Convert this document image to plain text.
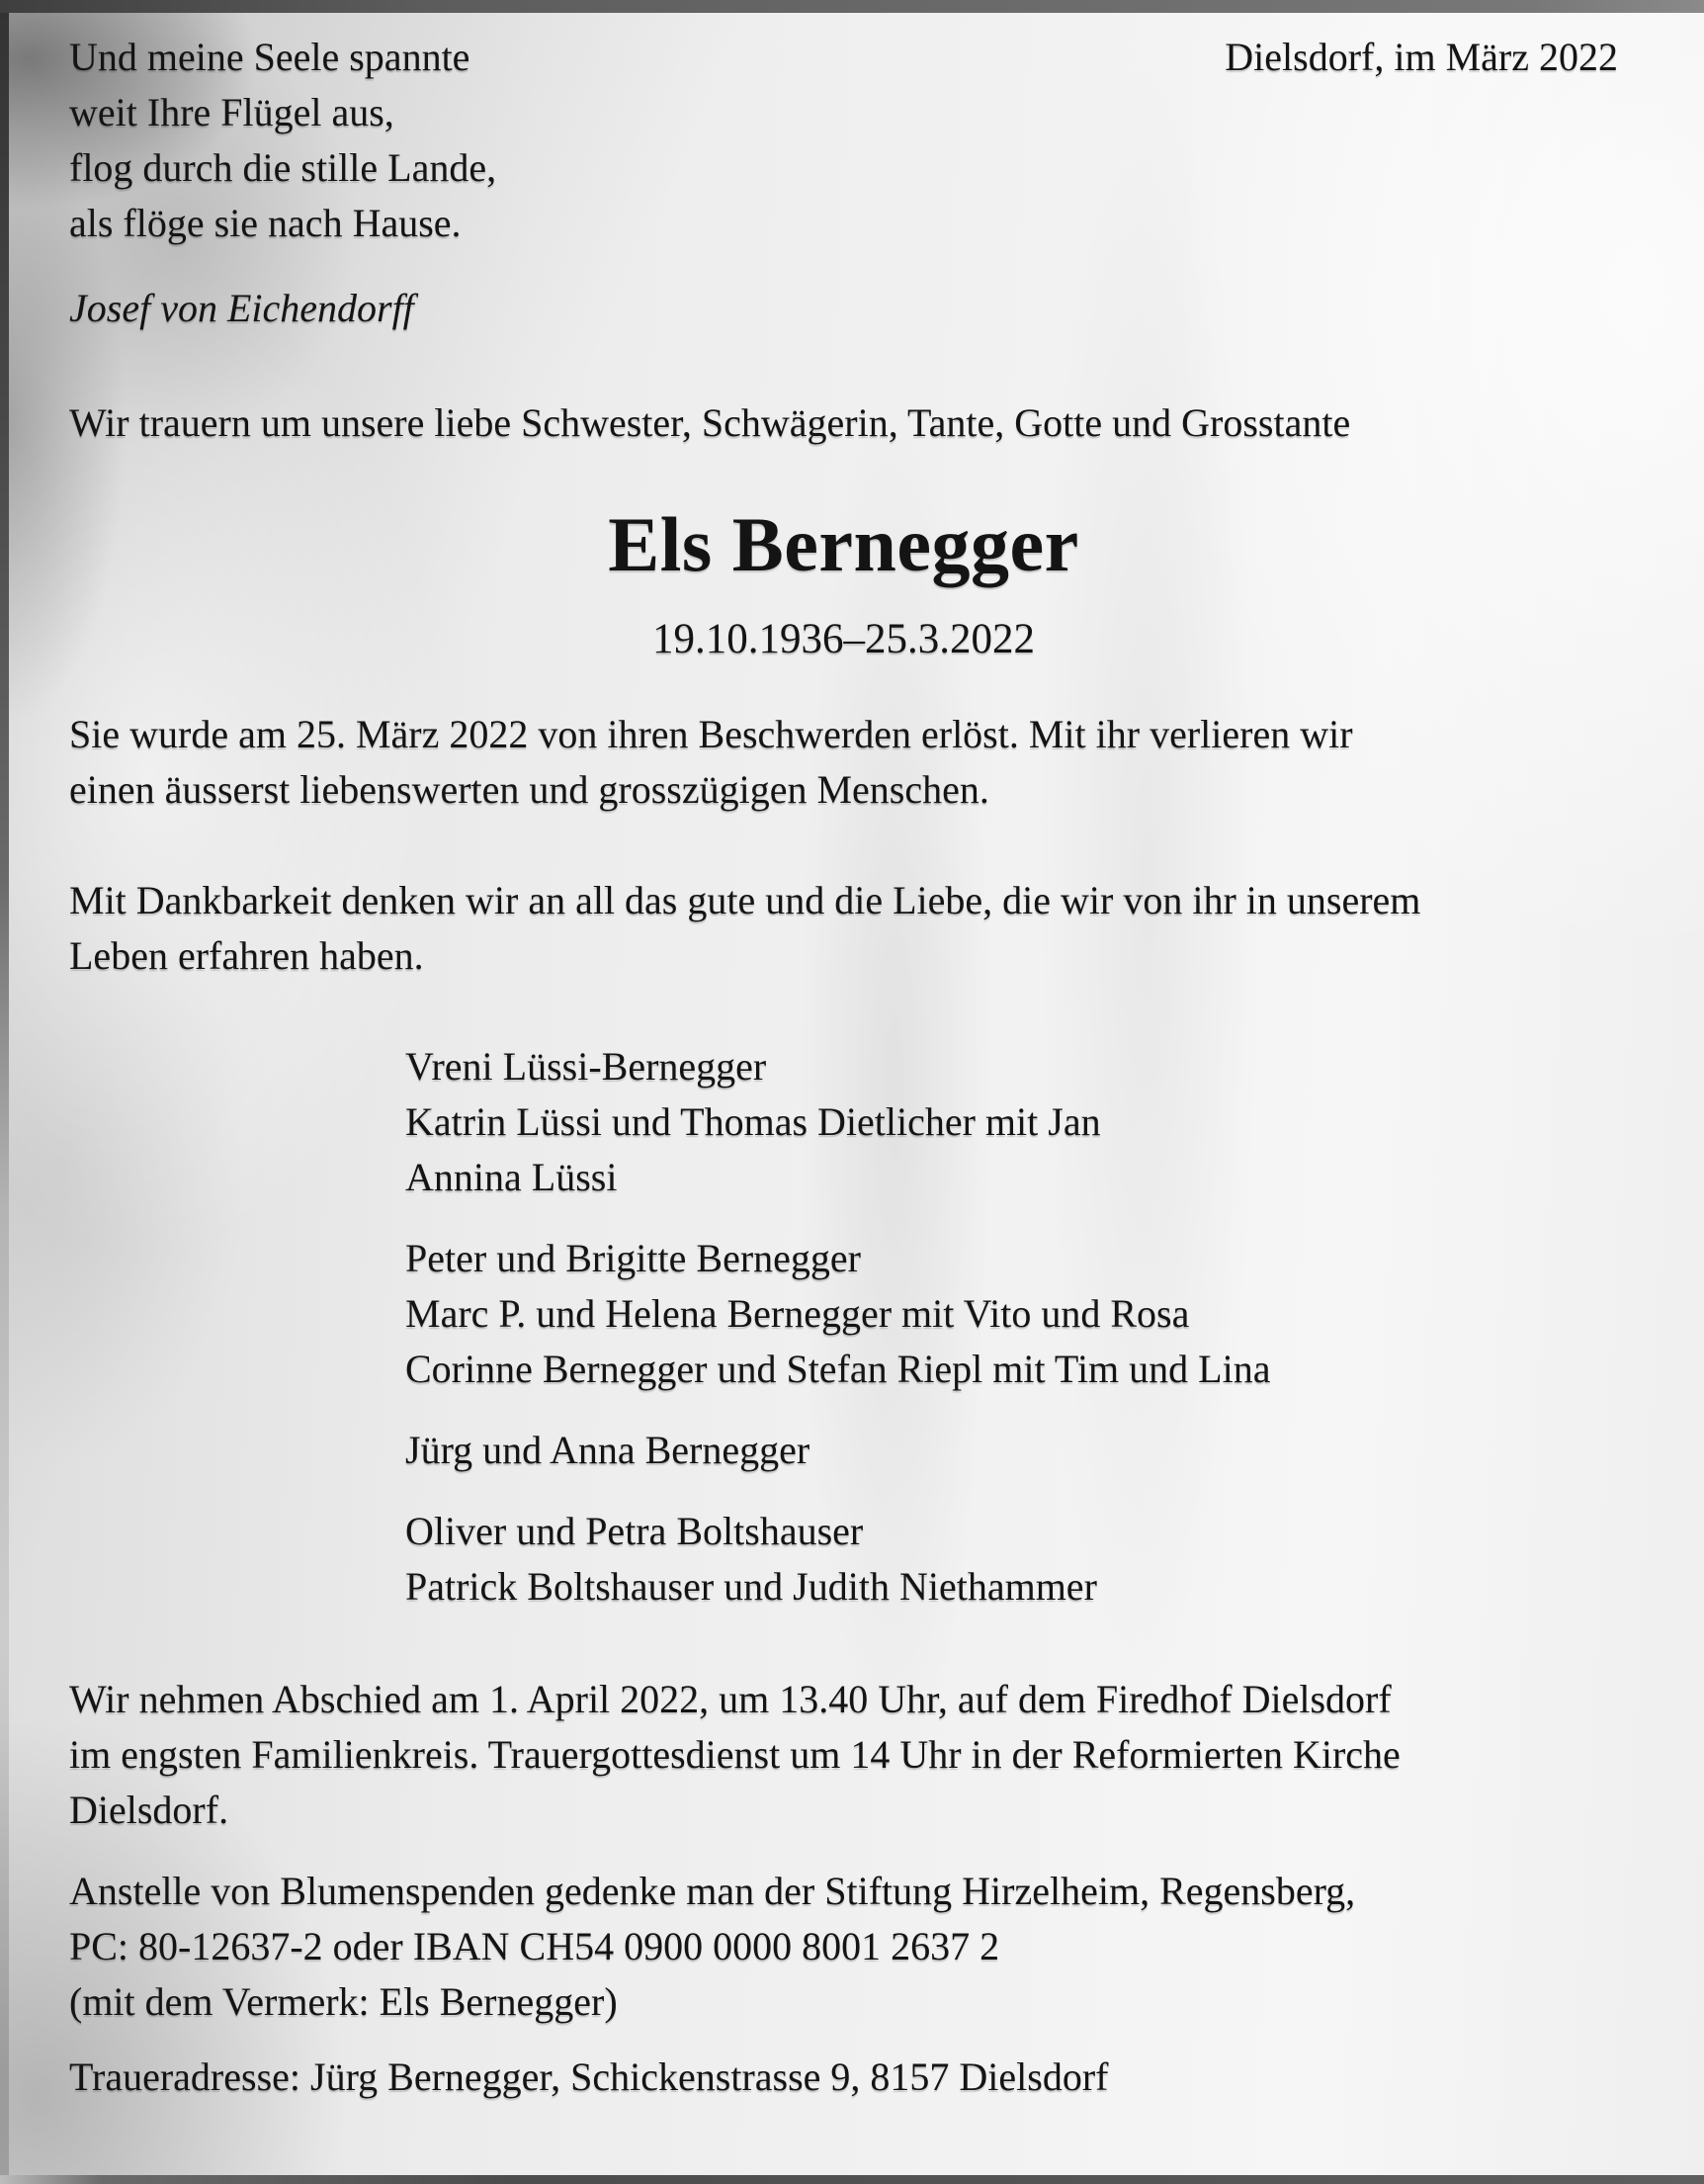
Und meine Seele spannte
weit Ihre Flügel aus,
flog durch die stille Lande,
als flöge sie nach Hause.
Dielsdorf, im März 2022
Josef von Eichendorff
Wir trauern um unsere liebe Schwester, Schwägerin, Tante, Gotte und Grosstante
Els Bernegger
19.10.1936–25.3.2022
Sie wurde am 25. März 2022 von ihren Beschwerden erlöst. Mit ihr verlieren wir
einen äusserst liebenswerten und grosszügigen Menschen.
Mit Dankbarkeit denken wir an all das gute und die Liebe, die wir von ihr in unserem
Leben erfahren haben.
Vreni Lüssi-Bernegger
Katrin Lüssi und Thomas Dietlicher mit Jan
Annina Lüssi
Peter und Brigitte Bernegger
Marc P. und Helena Bernegger mit Vito und Rosa
Corinne Bernegger und Stefan Riepl mit Tim und Lina
Jürg und Anna Bernegger
Oliver und Petra Boltshauser
Patrick Boltshauser und Judith Niethammer
Wir nehmen Abschied am 1. April 2022, um 13.40 Uhr, auf dem Firedhof Dielsdorf
im engsten Familienkreis. Trauergottesdienst um 14 Uhr in der Reformierten Kirche
Dielsdorf.
Anstelle von Blumenspenden gedenke man der Stiftung Hirzelheim, Regensberg,
PC: 80-12637-2 oder IBAN CH54 0900 0000 8001 2637 2
(mit dem Vermerk: Els Bernegger)
Traueradresse: Jürg Bernegger, Schickenstrasse 9, 8157 Dielsdorf
